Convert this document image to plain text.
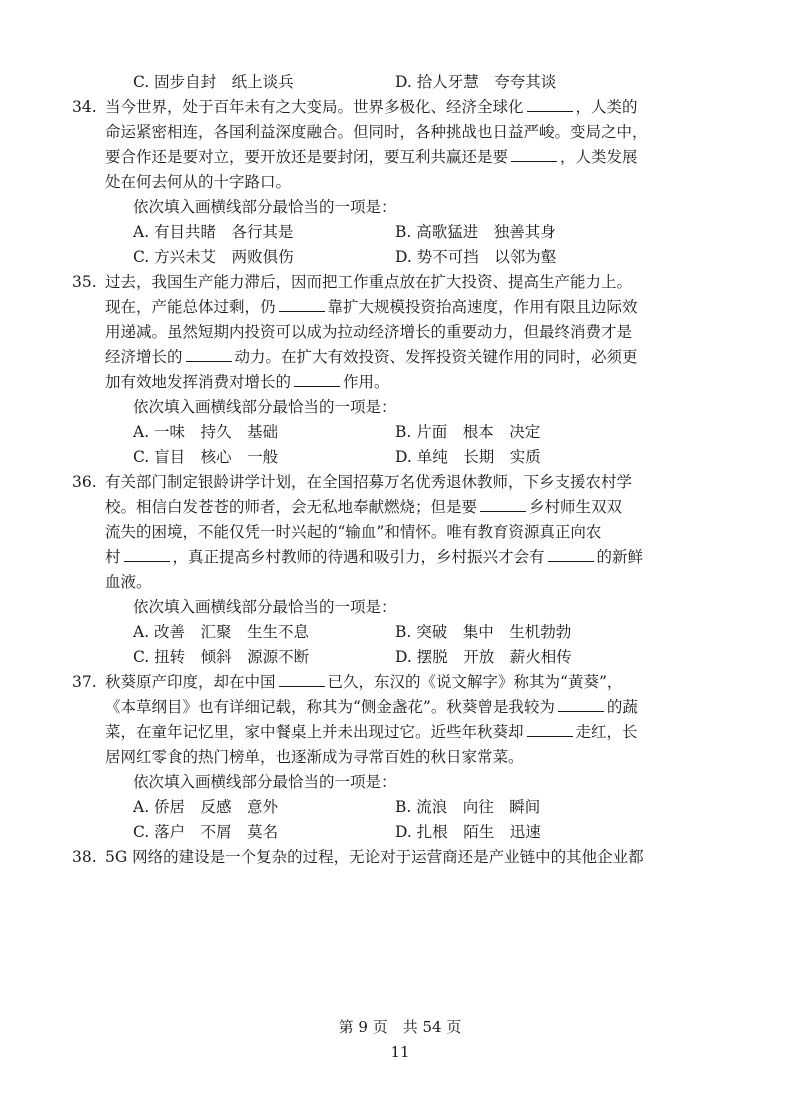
C. 固步自封　纸上谈兵	D. 拾人牙慧　夸夸其谈
34. 当今世界，处于百年未有之大变局。世界多极化、经济全球化	，人类的
命运紧密相连，各国利益深度融合。但同时，各种挑战也日益严峻。变局之中，
要合作还是要对立，要开放还是要封闭，要互利共赢还是要	，人类发展
处在何去何从的十字路口。
依次填入画横线部分最恰当的一项是：
A. 有目共睹　各行其是	B. 高歌猛进　独善其身
C. 方兴未艾　两败俱伤	D. 势不可挡　以邻为壑
35. 过去，我国生产能力滞后，因而把工作重点放在扩大投资、提高生产能力上。
现在，产能总体过剩，仍	靠扩大规模投资抬高速度，作用有限且边际效
用递减。虽然短期内投资可以成为拉动经济增长的重要动力，但最终消费才是
经济增长的	动力。在扩大有效投资、发挥投资关键作用的同时，必须更
加有效地发挥消费对增长的	作用。
依次填入画横线部分最恰当的一项是：
A. 一味　持久　基础	B. 片面　根本　决定
C. 盲目　核心　一般	D. 单纯　长期　实质
36. 有关部门制定银龄讲学计划，在全国招募万名优秀退休教师，下乡支援农村学
校。相信白发苍苍的师者，会无私地奉献燃烧；但是要	乡村师生双双
流失的困境，不能仅凭一时兴起的“输血”和情怀。唯有教育资源真正向农
村	，真正提高乡村教师的待遇和吸引力，乡村振兴才会有	的新鲜
血液。
依次填入画横线部分最恰当的一项是：
A. 改善　汇聚　生生不息	B. 突破　集中　生机勃勃
C. 扭转　倾斜　源源不断	D. 摆脱　开放　薪火相传
37. 秋葵原产印度，却在中国	已久，东汉的《说文解字》称其为“黄葵”，
《本草纲目》也有详细记载，称其为“侧金盏花”。秋葵曾是我较为	的蔬
菜，在童年记忆里，家中餐桌上并未出现过它。近些年秋葵却	走红，长
居网红零食的热门榜单，也逐渐成为寻常百姓的秋日家常菜。
依次填入画横线部分最恰当的一项是：
A. 侨居　反感　意外	B. 流浪　向往　瞬间
C. 落户　不屑　莫名	D. 扎根　陌生　迅速
38. 5G 网络的建设是一个复杂的过程，无论对于运营商还是产业链中的其他企业都
第 9 页　共 54 页
11
